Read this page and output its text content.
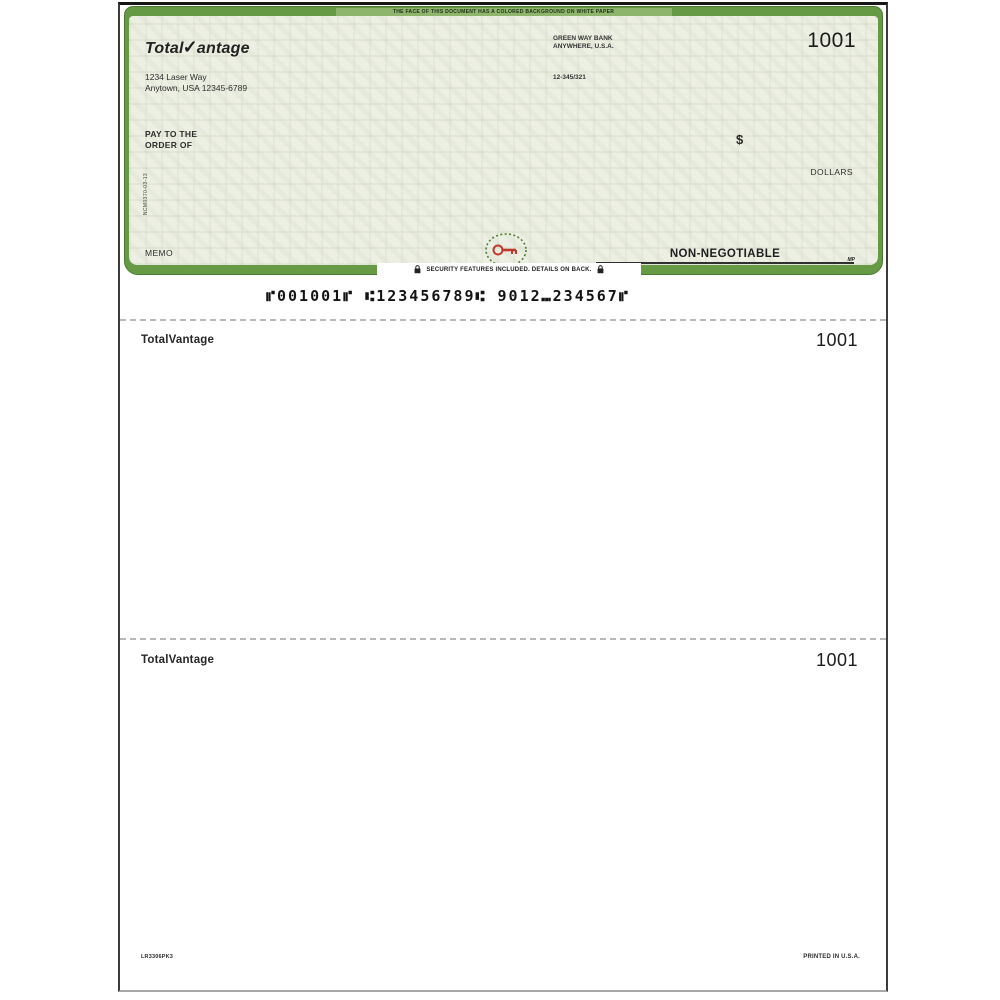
THE FACE OF THIS DOCUMENT HAS A COLORED BACKGROUND ON WHITE PAPER
Total✓antage
1234 Laser Way
Anytown, USA 12345-6789
GREEN WAY BANK
ANYWHERE, U.S.A.
12-345/321
1001
PAY TO THE
ORDER OF
NCM0370-03-13
$
DOLLARS
NON-NEGOTIABLE	MP
MEMO
SECURITY FEATURES INCLUDED. DETAILS ON BACK.
⑈001001⑈ ⑆123456789⑆ 9012⑉234567⑈
TotalVantage	1001
TotalVantage	1001
LR3306PK3	PRINTED IN U.S.A.
